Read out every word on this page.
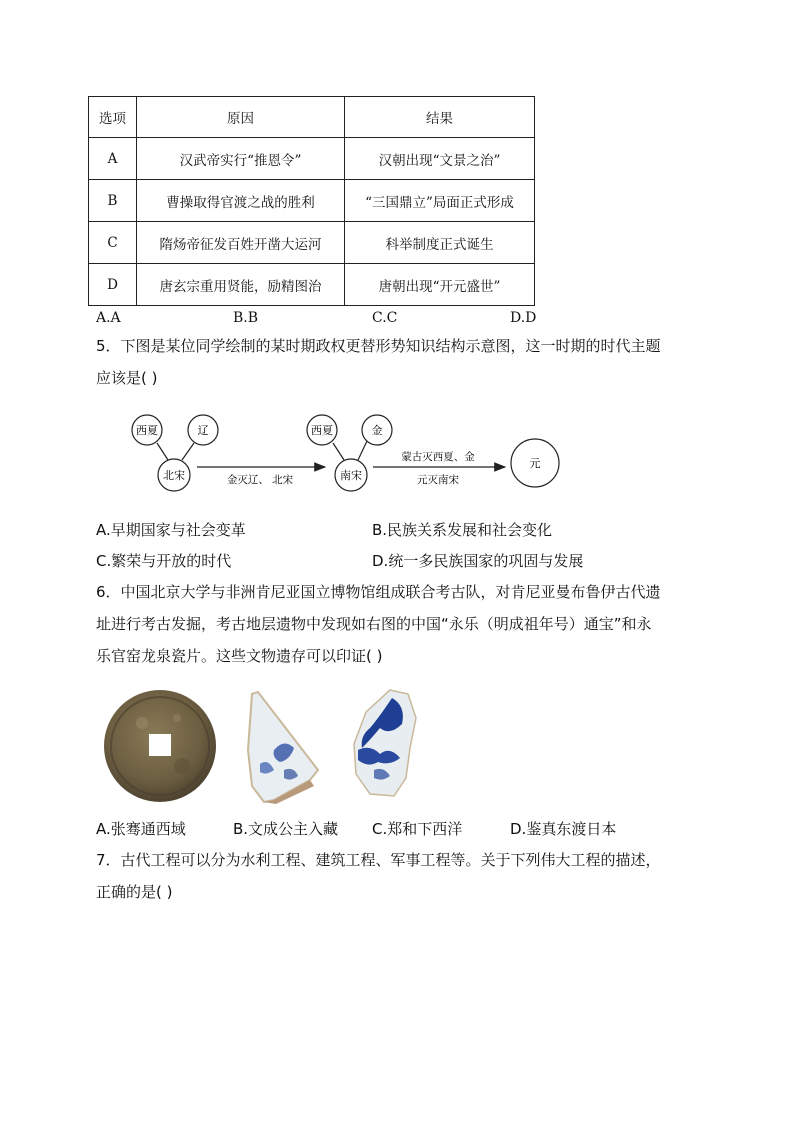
选项	原因	结果
A	汉武帝实行“推恩令”	汉朝出现“文景之治”
B	曹操取得官渡之战的胜利	“三国鼎立”局面正式形成
C	隋炀帝征发百姓开凿大运河	科举制度正式诞生
D	唐玄宗重用贤能，励精图治	唐朝出现“开元盛世”
A.A	B.B	C.C	D.D
5．下图是某位同学绘制的某时期政权更替形势知识结构示意图，这一时期的时代主题
应该是( )
西夏	辽
北宋
西夏	金
南宋
元
金灭辽、 北宋
蒙古灭西夏、金
元灭南宋
A.早期国家与社会变革	B.民族关系发展和社会变化
C.繁荣与开放的时代	D.统一多民族国家的巩固与发展
6．中国北京大学与非洲肯尼亚国立博物馆组成联合考古队，对肯尼亚曼布鲁伊古代遗
址进行考古发掘，考古地层遗物中发现如右图的中国“永乐（明成祖年号）通宝”和永
乐官窑龙泉瓷片。这些文物遗存可以印证( )
A.张骞通西域	B.文成公主入藏 C.郑和下西洋	D.鉴真东渡日本
7．古代工程可以分为水利工程、建筑工程、军事工程等。关于下列伟大工程的描述，
正确的是( )
